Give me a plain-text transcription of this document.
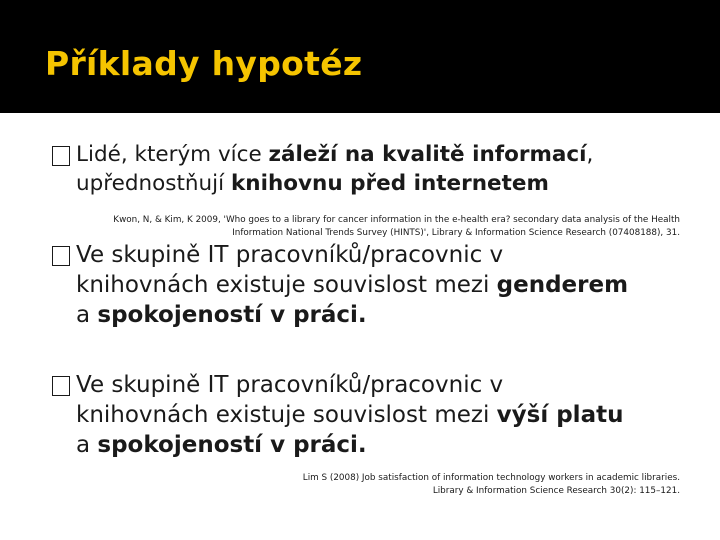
Příklady hypotéz
Lidé, kterým více záleží na kvalitě informací, upřednostňují knihovnu před internetem
Kwon, N, & Kim, K 2009, 'Who goes to a library for cancer information in the e-health era? secondary data analysis of the Health
Information National Trends Survey (HINTS)', Library & Information Science Research (07408188), 31.
Ve skupině IT pracovníků/pracovnic v knihovnách existuje souvislost mezi genderem a spokojeností v práci.
Ve skupině IT pracovníků/pracovnic v knihovnách existuje souvislost mezi výší platu a spokojeností v práci.
Lim S (2008) Job satisfaction of information technology workers in academic libraries.
Library & Information Science Research 30(2): 115–121.
